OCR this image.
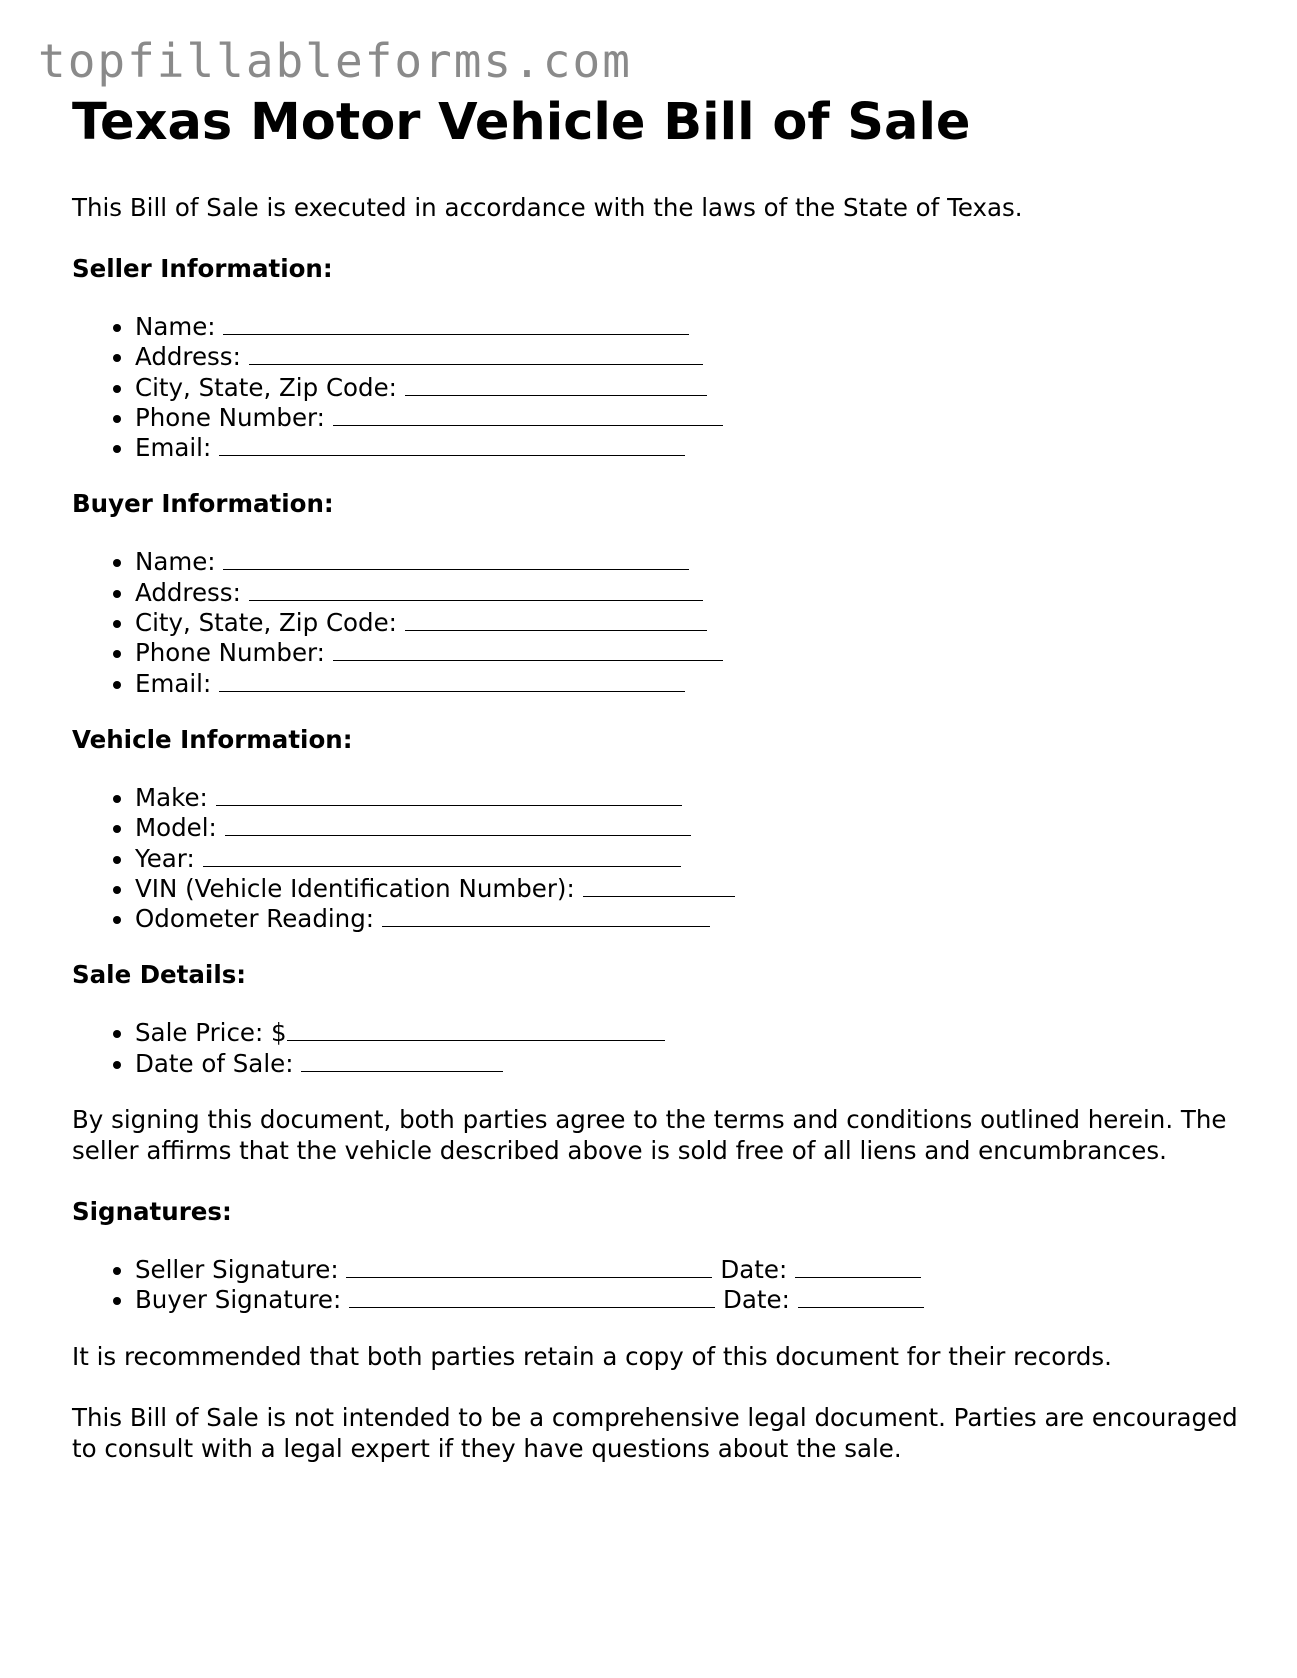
topfillableforms.com
Texas Motor Vehicle Bill of Sale

This Bill of Sale is executed in accordance with the laws of the State of Texas.

Seller Information:
• Name:
• Address:
• City, State, Zip Code:
• Phone Number:
• Email:
Buyer Information:
• Name:
• Address:
• City, State, Zip Code:
• Phone Number:
• Email:
Vehicle Information:
• Make:
• Model:
• Year:
• VIN (Vehicle Identification Number):
• Odometer Reading:
Sale Details:
• Sale Price: $
• Date of Sale:

By signing this document, both parties agree to the terms and conditions outlined herein. The seller affirms that the vehicle described above is sold free of all liens and encumbrances.

Signatures:
• Seller Signature:	Date:
• Buyer Signature:	Date:

It is recommended that both parties retain a copy of this document for their records.

This Bill of Sale is not intended to be a comprehensive legal document. Parties are encouraged to consult with a legal expert if they have questions about the sale.
